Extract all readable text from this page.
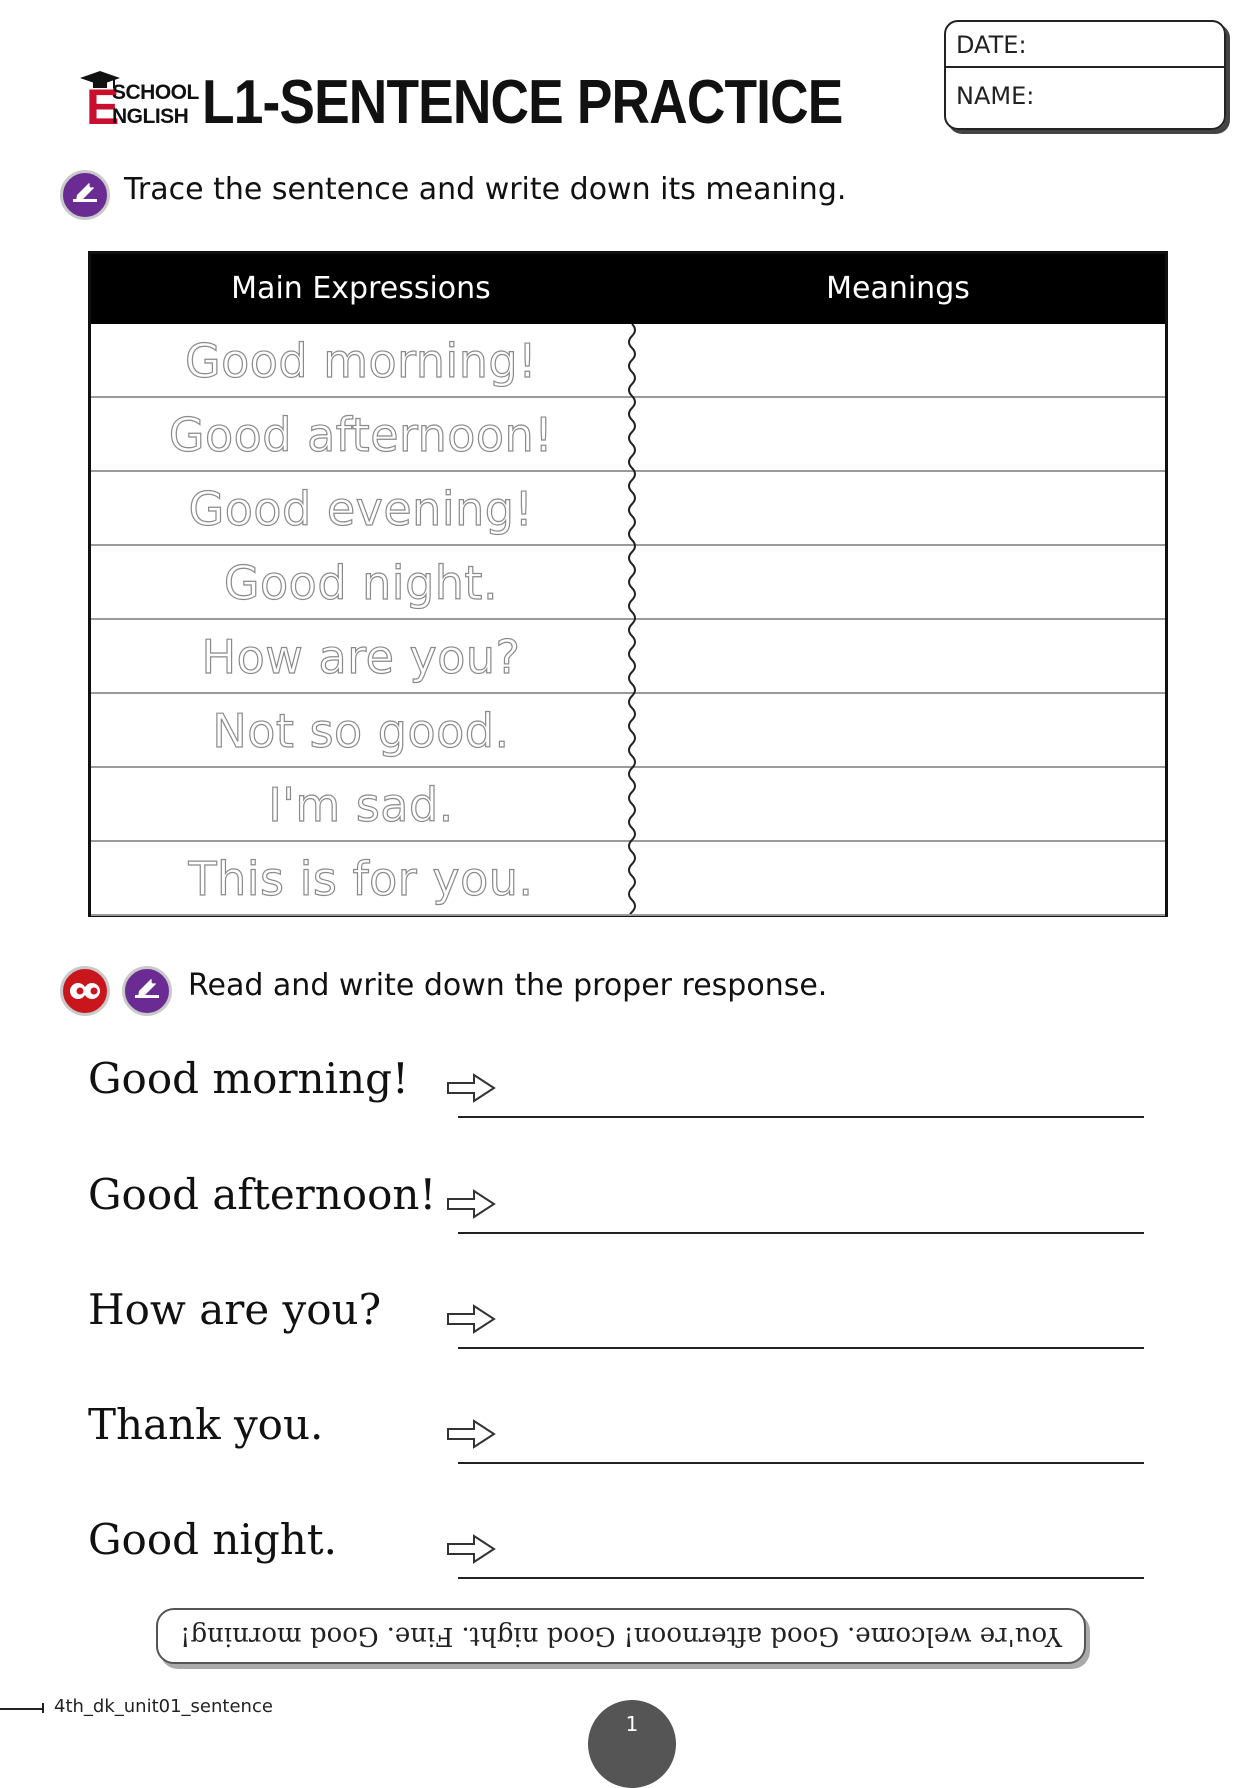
E
SCHOOL
NGLISH L1-SENTENCE PRACTICE
DATE:
NAME:
Trace the sentence and write down its meaning.
Main Expressions	Meanings
Good morning!
Good afternoon!
Good evening!
Good night.
How are you?
Not so good.
I'm sad.
This is for you.
Read and write down the proper response.
Good morning!
Good afternoon!
How are you?
Thank you.
Good night.
You're welcome.
Good afternoon!
Good night.
Fine.
Good morning!
4th_dk_unit01_sentence
1
